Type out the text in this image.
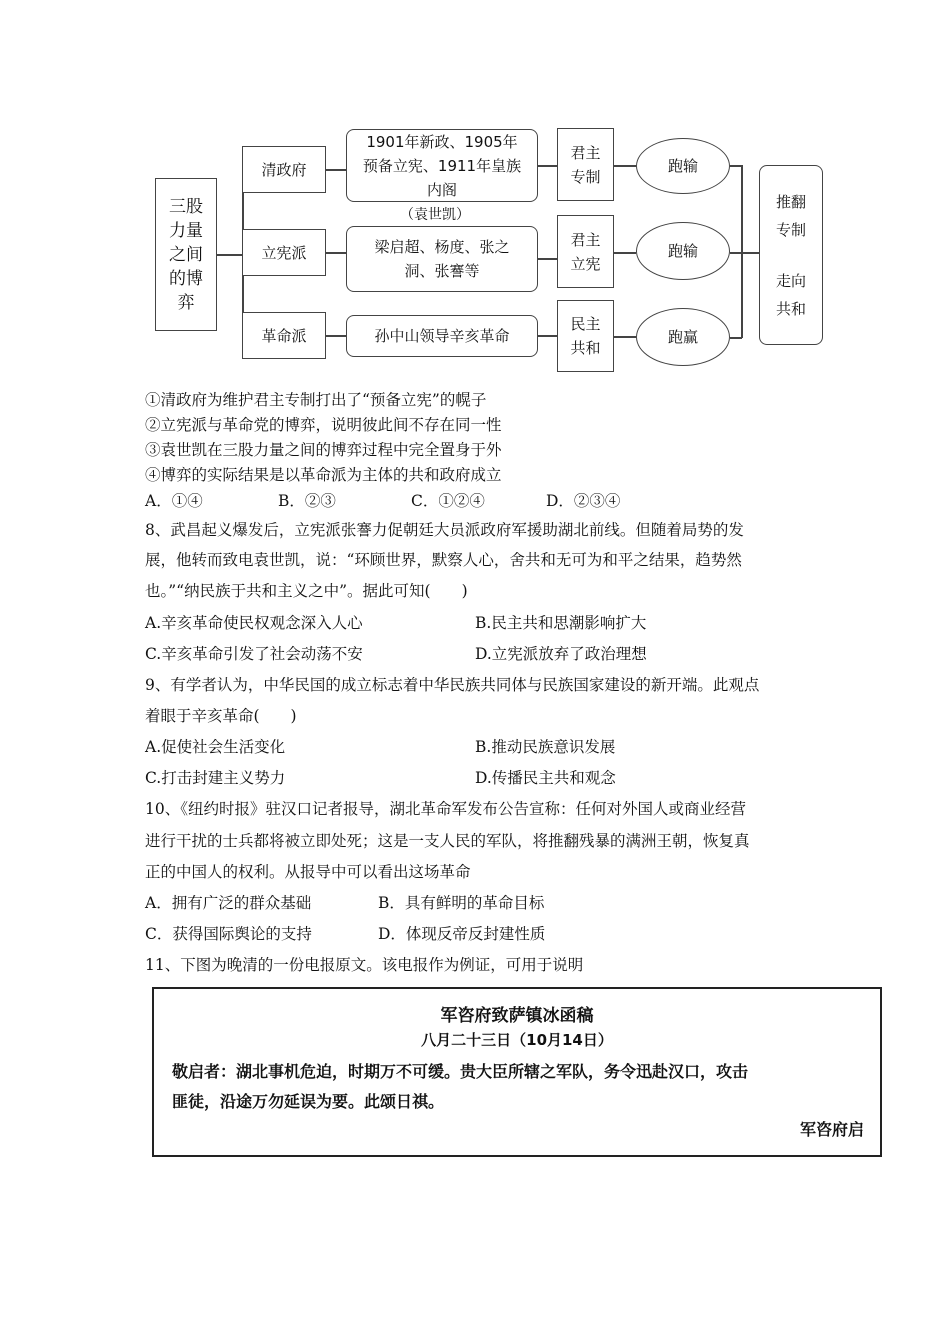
三股力量之间的博弈
清政府
立宪派
革命派
1901年新政、1905年预备立宪、1911年皇族内阁
梁启超、杨度、张之洞、张謇等
孙中山领导辛亥革命
（袁世凯）
君主专制
君主立宪
民主共和
跑输
跑输
跑赢
推翻专制
走向共和
①清政府为维护君主专制打出了“预备立宪”的幌子
②立宪派与革命党的博弈，说明彼此间不存在同一性
③袁世凯在三股力量之间的博弈过程中完全置身于外
④博弈的实际结果是以革命派为主体的共和政府成立
A．①④	B．②③	C．①②④	D．②③④
8、武昌起义爆发后，立宪派张謇力促朝廷大员派政府军援助湖北前线。但随着局势的发
展，他转而致电袁世凯，说：“环顾世界，默察人心，舍共和无可为和平之结果，趋势然
也。”“纳民族于共和主义之中”。据此可知(　　)
A.辛亥革命使民权观念深入人心	B.民主共和思潮影响扩大
C.辛亥革命引发了社会动荡不安	D.立宪派放弃了政治理想
9、有学者认为，中华民国的成立标志着中华民族共同体与民族国家建设的新开端。此观点
着眼于辛亥革命(　　)
A.促使社会生活变化	B.推动民族意识发展
C.打击封建主义势力	D.传播民主共和观念
10、《纽约时报》驻汉口记者报导，湖北革命军发布公告宣称：任何对外国人或商业经营
进行干扰的士兵都将被立即处死；这是一支人民的军队，将推翻残暴的满洲王朝，恢复真
正的中国人的权利。从报导中可以看出这场革命
A．拥有广泛的群众基础	B．具有鲜明的革命目标
C．获得国际舆论的支持	D．体现反帝反封建性质
11、下图为晚清的一份电报原文。该电报作为例证，可用于说明
军咨府致萨镇冰函稿
八月二十三日（10月14日）
敬启者：湖北事机危迫，时期万不可缓。贵大臣所辖之军队，务令迅赴汉口，攻击
匪徒，沿途万勿延误为要。此颂日祺。
军咨府启
